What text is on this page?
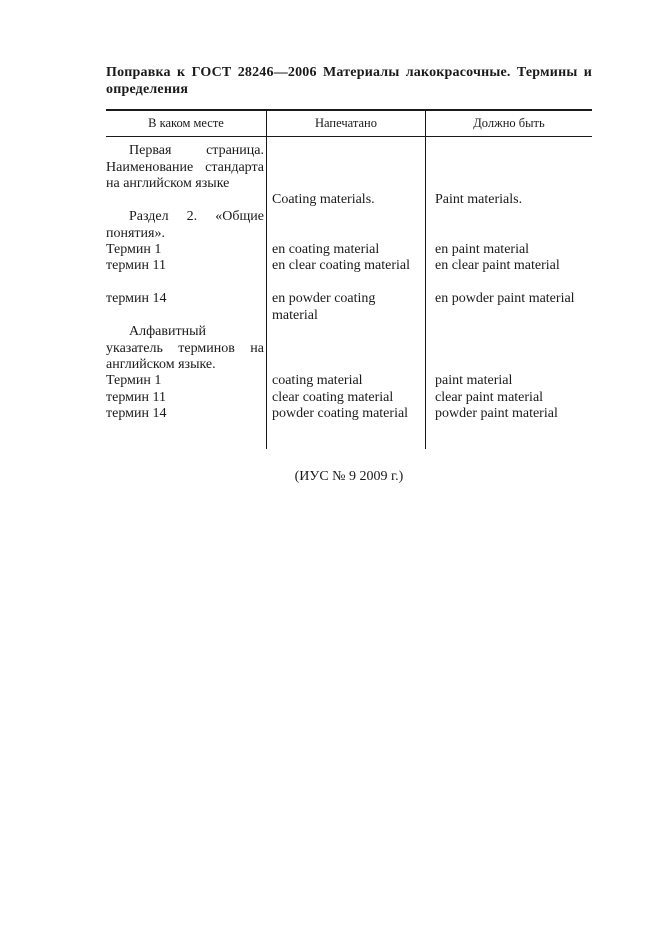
Поправка к ГОСТ 28246—2006 Материалы лакокрасочные. Термины и определения
В каком месте	Напечатано	Должно быть
Первая страница. Наименование стандарта на английском языке
Раздел 2. «Общие понятия».
Термин 1
термин 11
термин 14
Алфавитный указатель терминов на английском языке.
Термин 1
термин 11
термин 14
Coating materials.
en coating material
en clear coating material
en powder coating material
coating material
clear coating material
powder coating material
Paint materials.
en paint material
en clear paint material
en powder paint material
paint material
clear paint material
powder paint material
(ИУС № 9 2009 г.)
